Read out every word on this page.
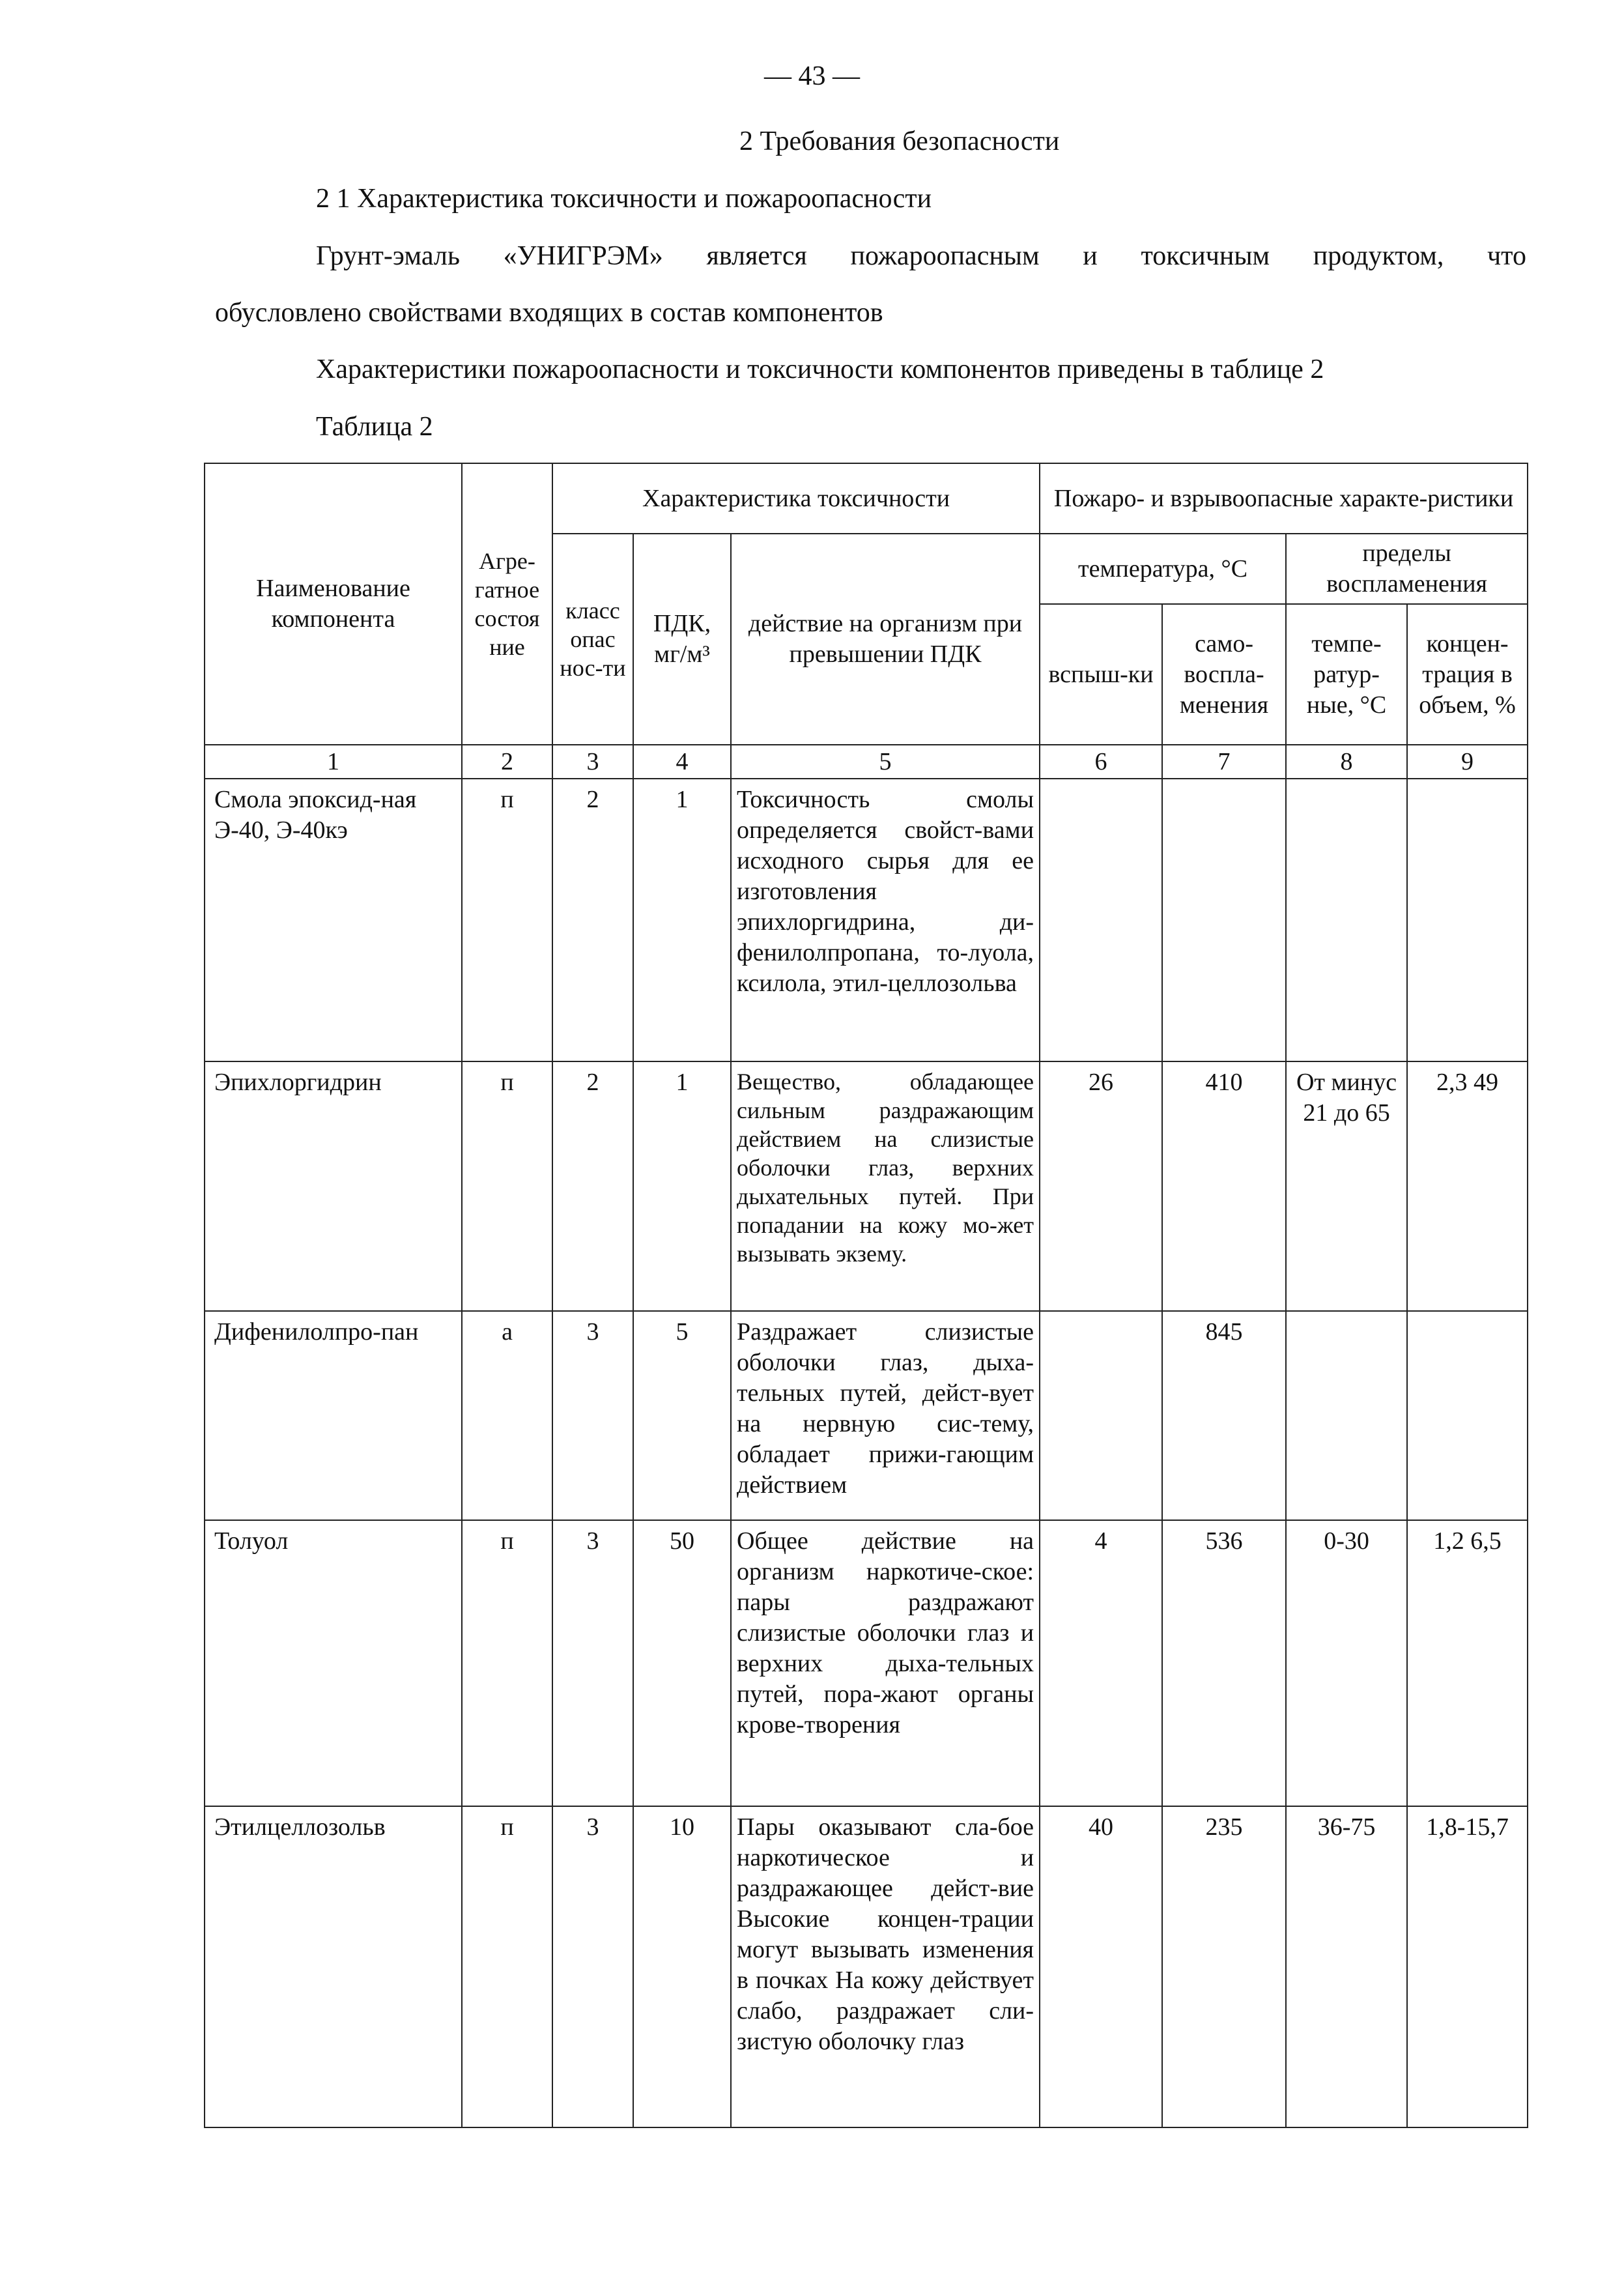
— 43 —
2 Требования безопасности
2 1 Характеристика токсичности и пожароопасности
Грунт-эмаль «УНИГРЭМ» является пожароопасным и токсичным продуктом, что
обусловлено свойствами входящих в состав компонентов
Характеристики пожароопасности и токсичности компонентов приведены в таблице 2
Таблица 2
Наименование компонента	Агре-гатное состоя ние	Характеристика токсичности			Пожаро- и взрывоопасные характе-ристики			
		класс опас нос-ти	ПДК, мг/м³	действие на организм при превышении ПДК	температура, °С		пределы воспламенения	
					вспыш-ки	само-воспла-менения	темпе-ратур-ные, °С	концен-трация в объем, %
1	2	3	4	5	6	7	8	9
Смола эпоксид-ная Э-40, Э-40кэ	п	2	1	Токсичность смолы определяется свойст-вами исходного сырья для ее изготовления эпихлоргидрина, ди-фенилолпропана, то-луола, ксилола, этил-целлозольва				
Эпихлоргидрин	п	2	1	Вещество, обладающее сильным раздражающим действием на слизистые оболочки глаз, верхних дыхательных путей. При попадании на кожу мо-жет вызывать экзему.	26	410	От минус 21 до 65	2,3 49
Дифенилолпро-пан	а	3	5	Раздражает слизистые оболочки глаз, дыха-тельных путей, дейст-вует на нервную сис-тему, обладает прижи-гающим действием		845		
Толуол	п	3	50	Общее действие на организм наркотиче-ское: пары раздражают слизистые оболочки глаз и верхних дыха-тельных путей, пора-жают органы крове-творения	4	536	0-30	1,2 6,5
Этилцеллозольв	п	3	10	Пары оказывают сла-бое наркотическое и раздражающее дейст-вие Высокие концен-трации могут вызывать изменения в почках На кожу действует слабо, раздражает сли-зистую оболочку глаз	40	235	36-75	1,8-15,7
